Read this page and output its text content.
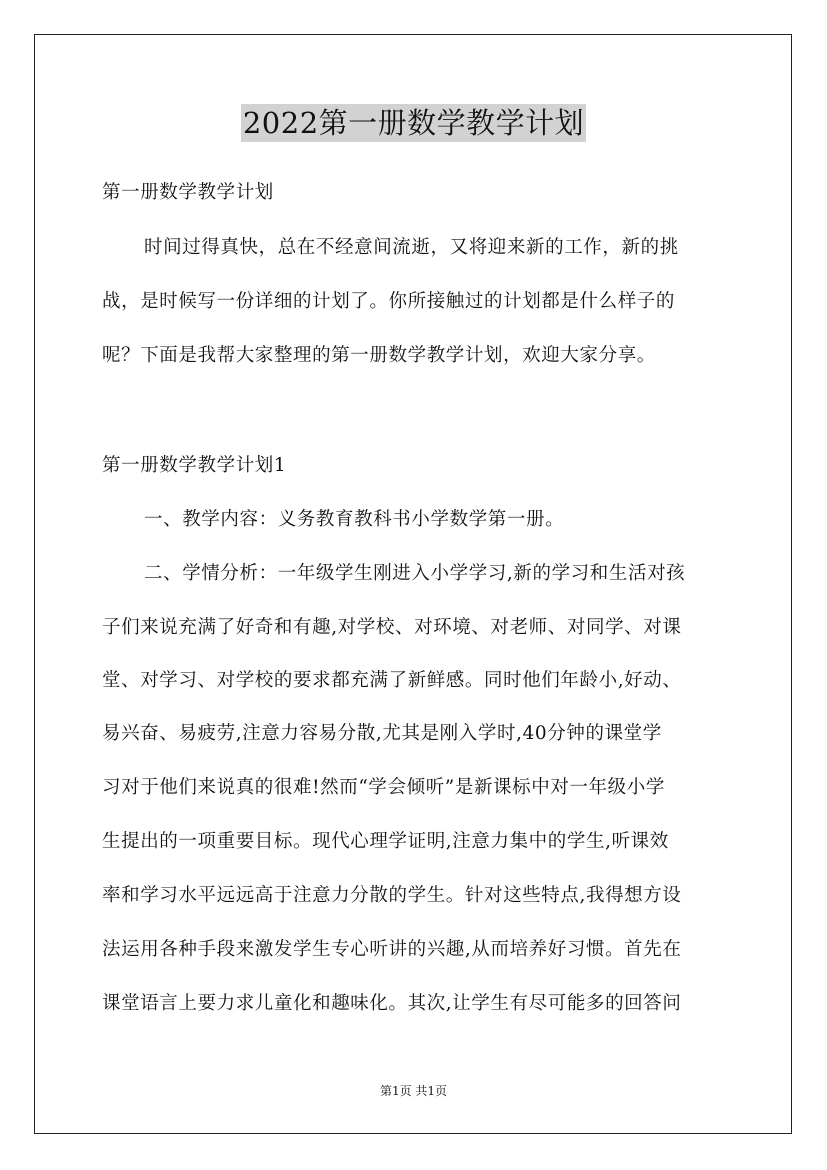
2022第一册数学教学计划
第一册数学教学计划
时间过得真快，总在不经意间流逝，又将迎来新的工作，新的挑
战，是时候写一份详细的计划了。你所接触过的计划都是什么样子的
呢？下面是我帮大家整理的第一册数学教学计划，欢迎大家分享。
第一册数学教学计划1
一、教学内容：义务教育教科书小学数学第一册。
二、学情分析：一年级学生刚进入小学学习,新的学习和生活对孩
子们来说充满了好奇和有趣,对学校、对环境、对老师、对同学、对课
堂、对学习、对学校的要求都充满了新鲜感。同时他们年龄小,好动、
易兴奋、易疲劳,注意力容易分散,尤其是刚入学时,40分钟的课堂学
习对于他们来说真的很难!然而“学会倾听”是新课标中对一年级小学
生提出的一项重要目标。现代心理学证明,注意力集中的学生,听课效
率和学习水平远远高于注意力分散的学生。针对这些特点,我得想方设
法运用各种手段来激发学生专心听讲的兴趣,从而培养好习惯。首先在
课堂语言上要力求儿童化和趣味化。其次,让学生有尽可能多的回答问
第1页 共1页
